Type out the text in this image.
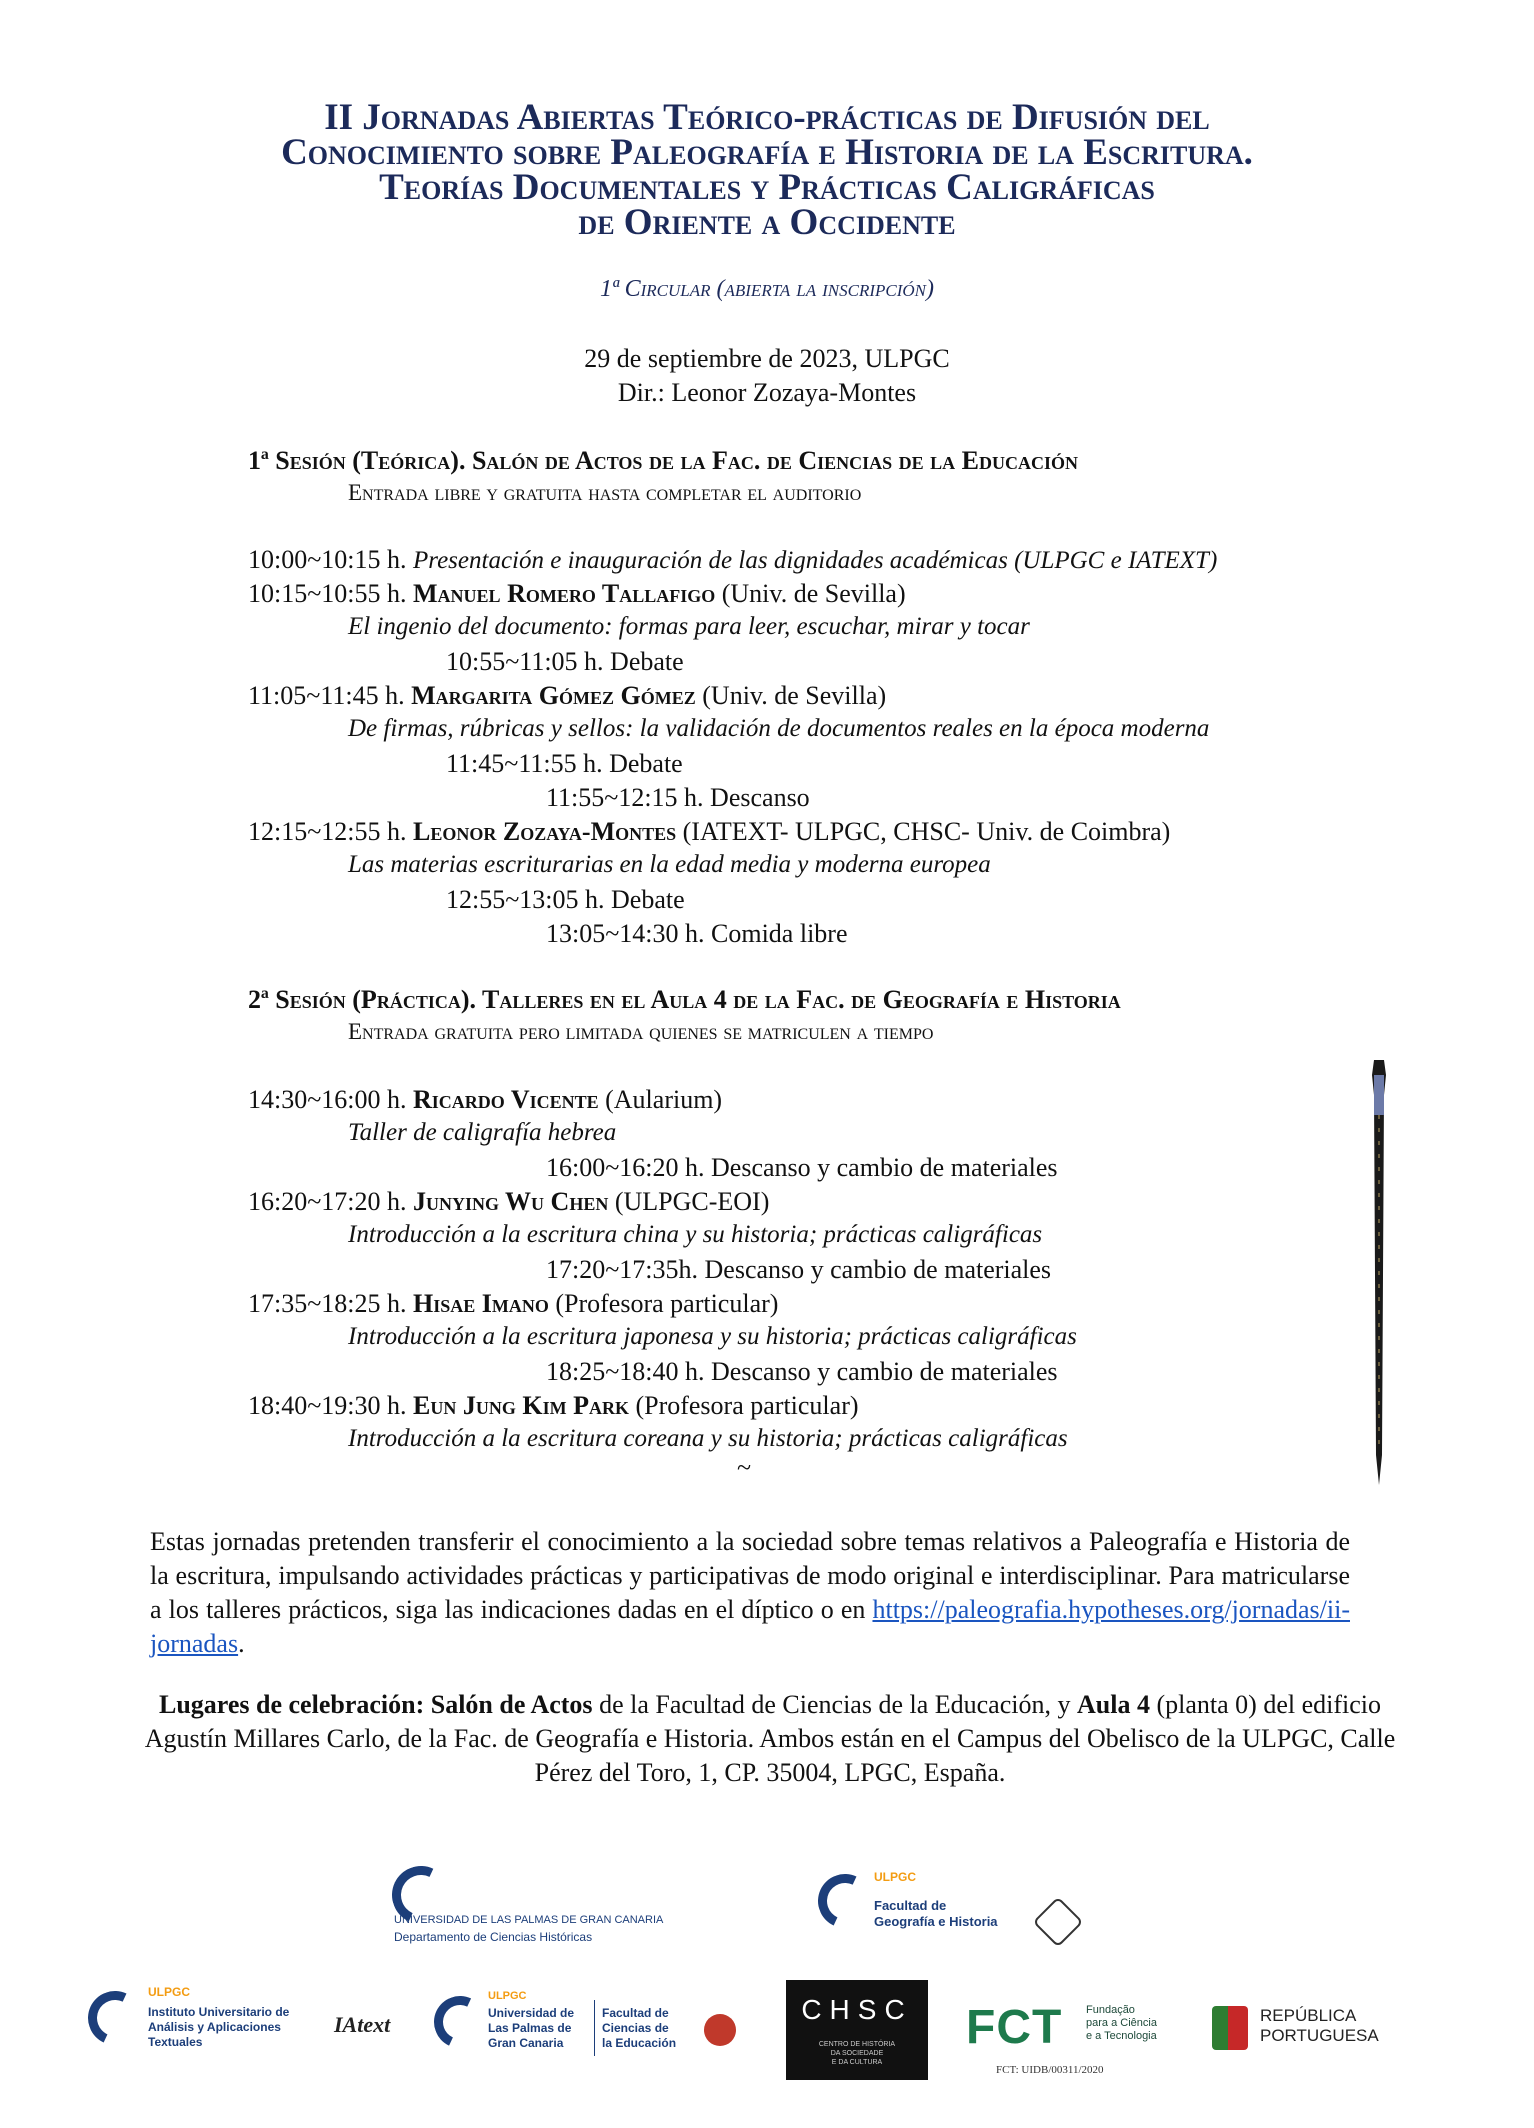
II Jornadas Abiertas Teórico-prácticas de Difusión del
Conocimiento sobre Paleografía e Historia de la Escritura.
Teorías Documentales y Prácticas Caligráficas
de Oriente a Occidente
1ª Circular (abierta la inscripción)
29 de septiembre de 2023, ULPGC
Dir.: Leonor Zozaya-Montes
1ª Sesión (Teórica). Salón de Actos de la Fac. de Ciencias de la Educación
Entrada libre y gratuita hasta completar el auditorio
10:00~10:15 h. Presentación e inauguración de las dignidades académicas (ULPGC e IATEXT)
10:15~10:55 h. Manuel Romero Tallafigo (Univ. de Sevilla)
El ingenio del documento: formas para leer, escuchar, mirar y tocar
10:55~11:05 h. Debate
11:05~11:45 h. Margarita Gómez Gómez (Univ. de Sevilla)
De firmas, rúbricas y sellos: la validación de documentos reales en la época moderna
11:45~11:55 h. Debate
11:55~12:15 h. Descanso
12:15~12:55 h. Leonor Zozaya-Montes (IATEXT- ULPGC, CHSC- Univ. de Coimbra)
Las materias escriturarias en la edad media y moderna europea
12:55~13:05 h. Debate
13:05~14:30 h. Comida libre
2ª Sesión (Práctica). Talleres en el Aula 4 de la Fac. de Geografía e Historia
Entrada gratuita pero limitada quienes se matriculen a tiempo
14:30~16:00 h. Ricardo Vicente (Aularium)
Taller de caligrafía hebrea
16:00~16:20 h. Descanso y cambio de materiales
16:20~17:20 h. Junying Wu Chen (ULPGC-EOI)
Introducción a la escritura china y su historia; prácticas caligráficas
17:20~17:35h. Descanso y cambio de materiales
17:35~18:25 h. Hisae Imano (Profesora particular)
Introducción a la escritura japonesa y su historia; prácticas caligráficas
18:25~18:40 h. Descanso y cambio de materiales
18:40~19:30 h. Eun Jung Kim Park (Profesora particular)
Introducción a la escritura coreana y su historia; prácticas caligráficas
~
Estas jornadas pretenden transferir el conocimiento a la sociedad sobre temas relativos a Paleografía e Historia de la escritura, impulsando actividades prácticas y participativas de modo original e interdisciplinar. Para matricularse a los talleres prácticos, siga las indicaciones dadas en el díptico o en https://paleografia.hypotheses.org/jornadas/ii-jornadas.
Lugares de celebración: Salón de Actos de la Facultad de Ciencias de la Educación, y Aula 4 (planta 0) del edificio Agustín Millares Carlo, de la Fac. de Geografía e Historia. Ambos están en el Campus del Obelisco de la ULPGC, Calle Pérez del Toro, 1, CP. 35004, LPGC, España.
UNIVERSIDAD DE LAS PALMAS DE GRAN CANARIA
Departamento de Ciencias Históricas
ULPGC
Facultad de
Geografía e Historia
ULPGC
Instituto Universitario de
Análisis y Aplicaciones
Textuales
IAtext
ULPGC
Universidad de
Las Palmas de
Gran Canaria
Facultad de
Ciencias de
la Educación
CHSC
CENTRO DE HISTÓRIA
DA SOCIEDADE
E DA CULTURA
FCT Fundação
para a Ciência
e a Tecnologia
FCT: UIDB/00311/2020
REPÚBLICA
PORTUGUESA
